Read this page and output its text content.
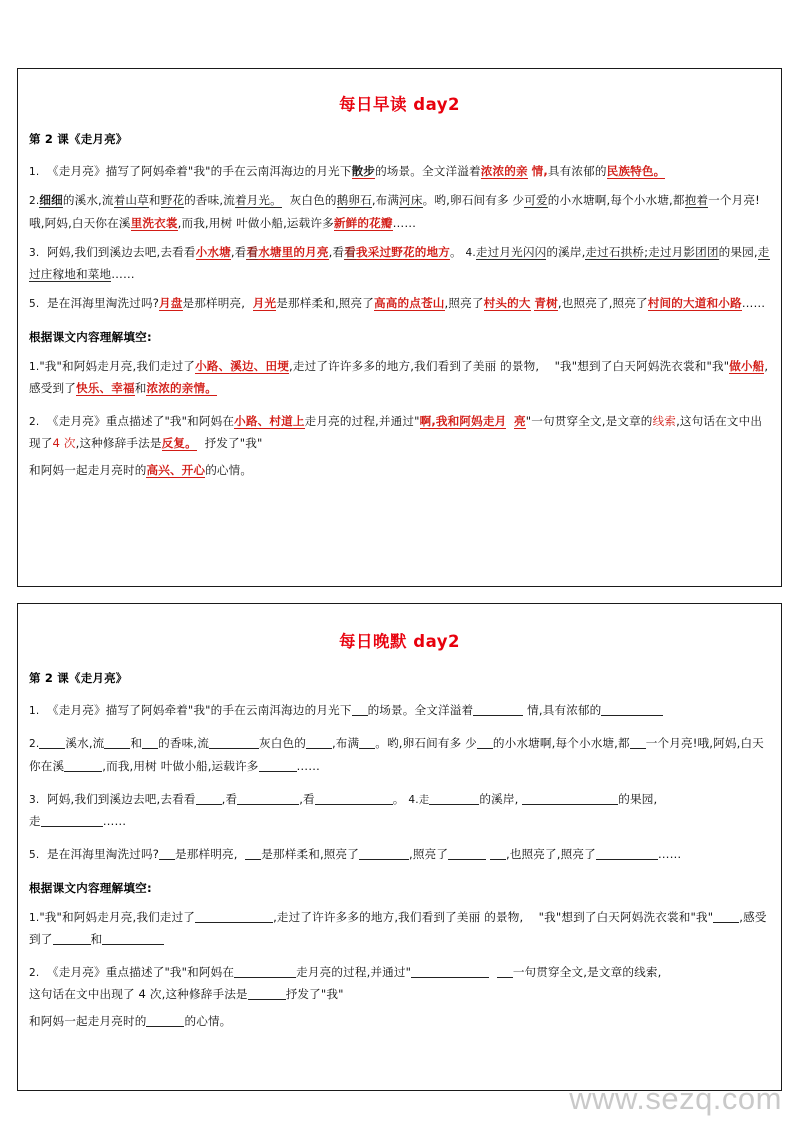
每日早读 day2
第 2 课《走月亮》

1. 《走月亮》描写了阿妈牵着"我"的手在云南洱海边的月光下散步的场景。全文洋溢着浓浓的亲 情,具有浓郁的民族特色。

2.细细的溪水,流着山草和野花的香味,流着月光。 灰白色的鹅卵石,布满河床。哟,卵石间有多 少可爱的小水塘啊,每个小水塘,都抱着一个月亮!哦,阿妈,白天你在溪里洗衣裳,而我,用树 叶做小船,运载许多新鲜的花瓣……

3. 阿妈,我们到溪边去吧,去看看小水塘,看看水塘里的月亮,看看我采过野花的地方。 4.走过月光闪闪的溪岸,走过石拱桥;走过月影团团的果园,走过庄稼地和菜地……

5. 是在洱海里淘洗过吗?月盘是那样明亮, 月光是那样柔和,照亮了高高的点苍山,照亮了村头的大 青树,也照亮了,照亮了村间的大道和小路……

根据课文内容理解填空:

1."我"和阿妈走月亮,我们走过了小路、溪边、田埂,走过了许许多多的地方,我们看到了美丽 的景物, "我"想到了白天阿妈洗衣裳和"我"做小船,感受到了快乐、幸福和浓浓的亲情。

2. 《走月亮》重点描述了"我"和阿妈在小路、村道上走月亮的过程,并通过"啊,我和阿妈走月 亮"一句贯穿全文,是文章的线索,这句话在文中出现了4 次,这种修辞手法是反复。 抒发了"我"

和阿妈一起走月亮时的高兴、开心的心情。

每日晚默 day2
第 2 课《走月亮》

1. 《走月亮》描写了阿妈牵着"我"的手在云南洱海边的月光下 的场景。全文洋溢着	情,具有浓郁的

2. 溪水,流 和 的香味,流	灰白色的 ,布满 。哟,卵石间有多 少 的小水塘啊,每个小水塘,都 一个月亮!哦,阿妈,白天你在溪	,而我,用树 叶做小船,运载许多	……

3. 阿妈,我们到溪边去吧,去看看 ,看	,看	。 4.走	的溪岸,	的果园,
走	……

5. 是在洱海里淘洗过吗? 是那样明亮, 是那样柔和,照亮了	,照亮了	,也照亮了,照亮了	……

根据课文内容理解填空:

1."我"和阿妈走月亮,我们走过了	,走过了许许多多的地方,我们看到了美丽 的景物, "我"想到了白天阿妈洗衣裳和"我" ,感受到了	和

2. 《走月亮》重点描述了"我"和阿妈在	走月亮的过程,并通过"	一句贯穿全文,是文章的线索,
这句话在文中出现了 4 次,这种修辞手法是	抒发了"我"

和阿妈一起走月亮时的	的心情。

www.sezq.com
